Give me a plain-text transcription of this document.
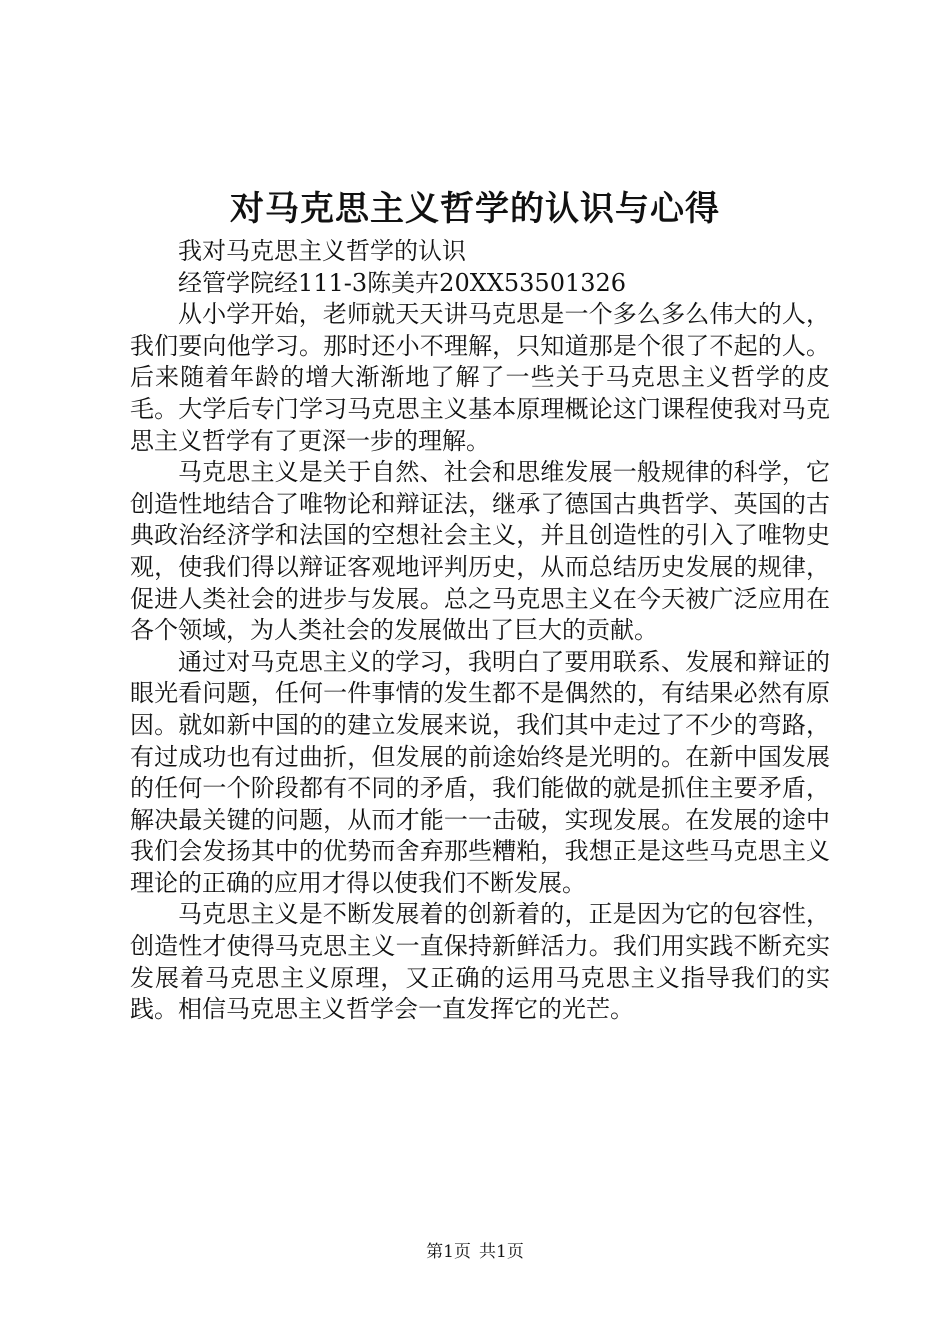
对马克思主义哲学的认识与心得

我对马克思主义哲学的认识

经管学院经111-3陈美卉20XX53501326

从小学开始，老师就天天讲马克思是一个多么多么伟大的人，我们要向他学习。那时还小不理解，只知道那是个很了不起的人。后来随着年龄的增大渐渐地了解了一些关于马克思主义哲学的皮毛。大学后专门学习马克思主义基本原理概论这门课程使我对马克思主义哲学有了更深一步的理解。

马克思主义是关于自然、社会和思维发展一般规律的科学，它创造性地结合了唯物论和辩证法，继承了德国古典哲学、英国的古典政治经济学和法国的空想社会主义，并且创造性的引入了唯物史观，使我们得以辩证客观地评判历史，从而总结历史发展的规律，促进人类社会的进步与发展。总之马克思主义在今天被广泛应用在各个领域，为人类社会的发展做出了巨大的贡献。

通过对马克思主义的学习，我明白了要用联系、发展和辩证的眼光看问题，任何一件事情的发生都不是偶然的，有结果必然有原因。就如新中国的的建立发展来说，我们其中走过了不少的弯路，有过成功也有过曲折，但发展的前途始终是光明的。在新中国发展的任何一个阶段都有不同的矛盾，我们能做的就是抓住主要矛盾，解决最关键的问题，从而才能一一击破，实现发展。在发展的途中我们会发扬其中的优势而舍弃那些糟粕，我想正是这些马克思主义理论的正确的应用才得以使我们不断发展。

马克思主义是不断发展着的创新着的，正是因为它的包容性，创造性才使得马克思主义一直保持新鲜活力。我们用实践不断充实发展着马克思主义原理，又正确的运用马克思主义指导我们的实践。相信马克思主义哲学会一直发挥它的光芒。

第1页 共1页
